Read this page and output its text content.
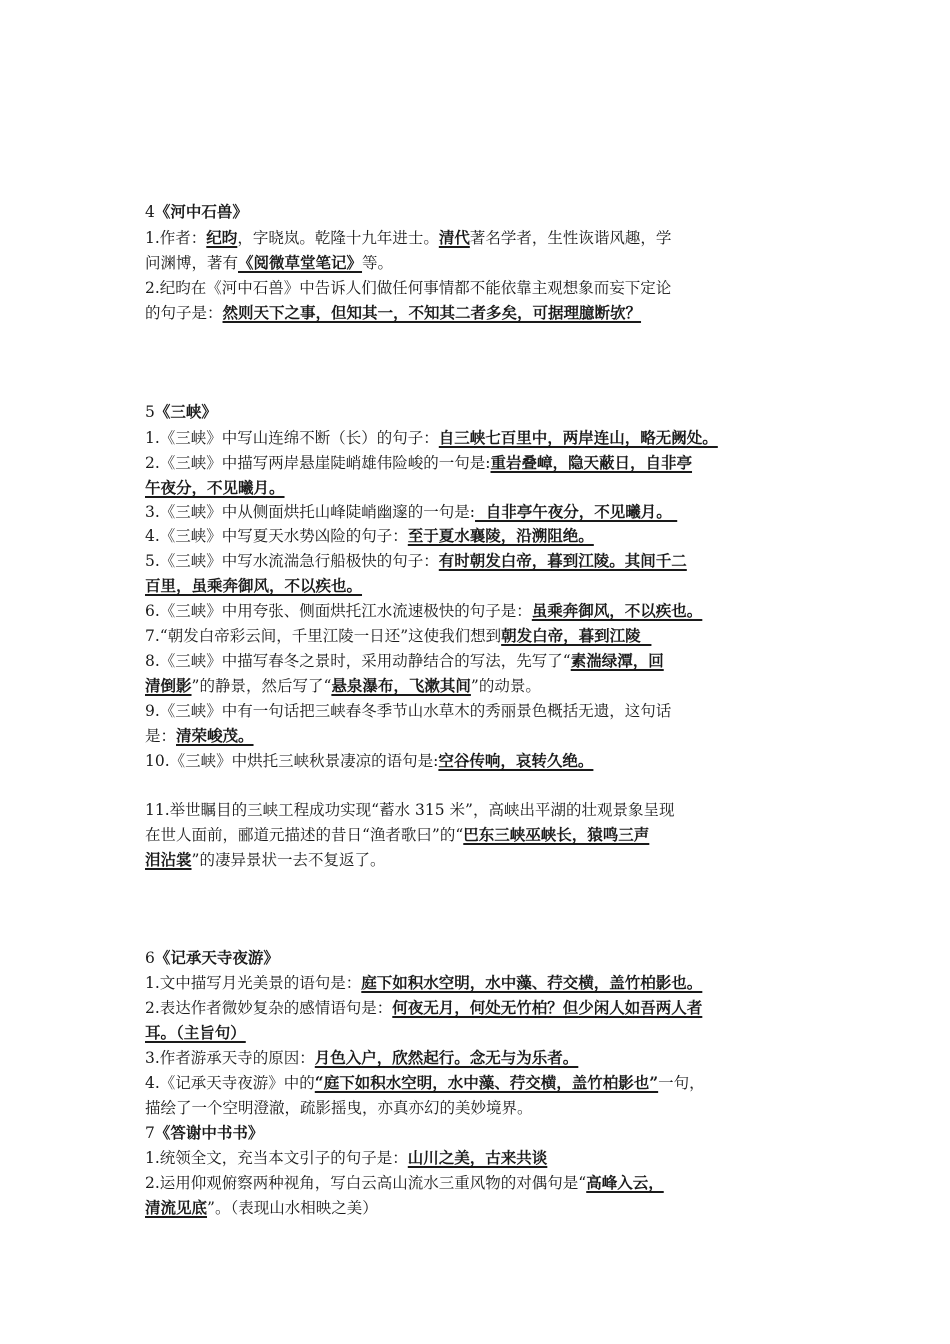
4《河中石兽》
1.作者：纪昀，字晓岚。乾隆十九年进士。清代著名学者，生性诙谐风趣，学
问渊博，著有《阅微草堂笔记》等。
2.纪昀在《河中石兽》中告诉人们做任何事情都不能依靠主观想象而妄下定论
的句子是：然则天下之事，但知其一，不知其二者多矣，可据理臆断欤？
5《三峡》
1.《三峡》中写山连绵不断（长）的句子：自三峡七百里中，两岸连山，略无阙处。
2.《三峡》中描写两岸悬崖陡峭雄伟险峻的一句是:重岩叠嶂，隐天蔽日，自非亭
午夜分，不见曦月。
3.《三峡》中从侧面烘托山峰陡峭幽邃的一句是:  自非亭午夜分，不见曦月。
4.《三峡》中写夏天水势凶险的句子：至于夏水襄陵，沿溯阻绝。
5.《三峡》中写水流湍急行船极快的句子：有时朝发白帝，暮到江陵。其间千二
百里，虽乘奔御风，不以疾也。
6.《三峡》中用夸张、侧面烘托江水流速极快的句子是：虽乘奔御风，不以疾也。
7.“朝发白帝彩云间，千里江陵一日还”这使我们想到朝发白帝，暮到江陵
8.《三峡》中描写春冬之景时，采用动静结合的写法，先写了“素湍绿潭，回
清倒影”的静景，然后写了“悬泉瀑布，飞漱其间”的动景。
9.《三峡》中有一句话把三峡春冬季节山水草木的秀丽景色概括无遗，这句话
是：清荣峻茂。
10.《三峡》中烘托三峡秋景凄凉的语句是:空谷传响，哀转久绝。
11.举世瞩目的三峡工程成功实现“蓄水 315 米”，高峡出平湖的壮观景象呈现
在世人面前，郦道元描述的昔日“渔者歌曰”的“巴东三峡巫峡长，猿鸣三声
泪沾裳”的凄异景状一去不复返了。
6《记承天寺夜游》
1.文中描写月光美景的语句是：庭下如积水空明，水中藻、荇交横，盖竹柏影也。
2.表达作者微妙复杂的感情语句是：何夜无月，何处无竹柏？但少闲人如吾两人者
耳。（主旨句）
3.作者游承天寺的原因：月色入户，欣然起行。念无与为乐者。
4.《记承天寺夜游》中的“庭下如积水空明，水中藻、荇交横，盖竹柏影也”一句，
描绘了一个空明澄澈，疏影摇曳，亦真亦幻的美妙境界。
7《答谢中书书》
1.统领全文，充当本文引子的句子是：山川之美，古来共谈
2.运用仰观俯察两种视角，写白云高山流水三重风物的对偶句是“高峰入云，
清流见底”。（表现山水相映之美）
